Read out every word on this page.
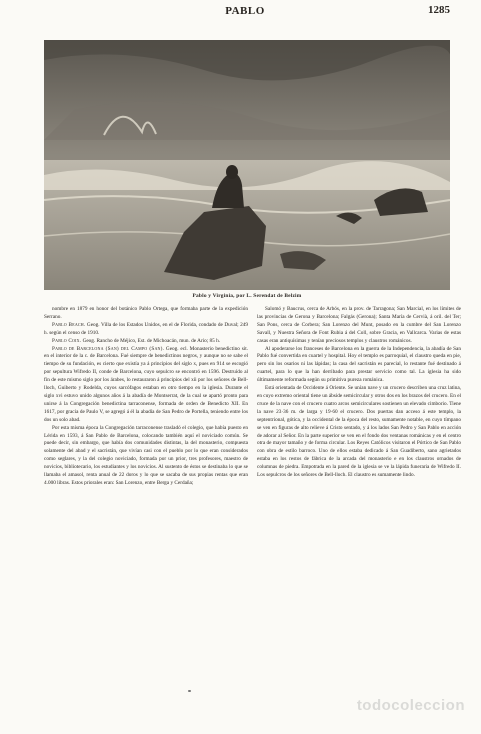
PABLO	1285
Pablo y Virginia, por L. Serendat de Belzim

nombre en 1879 en honor del botánico Pablo Ortega, que formaba parte de la expedición Serrano.

Pablo Beach. Geog. Villa de los Estados Unidos, en el de Florida, condado de Duval; 249 h. según el censo de 1910.

Pablo Coix. Geog. Rancho de Méjico, Est. de Michoacán, mun. de Ario; 85 h.

Pablo de Barcelona (San) del Campo (San). Geog. ecl. Monasterio benedictino sit. en el interior de la c. de Barcelona. Fué siempre de benedictinos negros, y aunque no se sabe el tiempo de su fundación, es cierto que existía ya á principios del siglo x, pues en 914 se escogió por sepultura Wifredo II, conde de Barcelona, cuyo sepulcro se encontró en 1596. Destruído al fin de este mismo siglo por los árabes, lo restauraron á principios del xii por los señores de Bell-lloch, Guiberto y Rodelda, cuyos sarcófagos estaban en otro tiempo en la iglesia. Durante el siglo xvi estuvo unido algunos años á la abadía de Montserrat, de la cual se apartó pronto para unirse á la Congregación benedictina tarraconense, formada de orden de Benedicto XII. En 1617, por gracia de Paulo V, se agregó á él la abadía de San Pedro de Portella, teniendo entre los dos un solo abad.

Por esta misma época la Congregación tarraconense trasladó el colegio, que había puesto en Lérida en 1593, á San Pablo de Barcelona, colocando también aquí el noviciado común. Se puede decir, sin embargo, que había dos comunidades distintas, la del monasterio, compuesta solamente del abad y el sacristán, que vivían casi con el pueblo por lo que eran considerados como seglares, y la del colegio noviciado, formada por un prior, tres profesores, maestro de novicios, bibliotecario, los estudiantes y los novicios. Al sustento de éstos se destinaba lo que se llamaba el amasol, renta anual de 22 doros y lo que se sacaba de sus propias rentas que eran 4.000 libras. Estos priorales eran: San Lorenzo, entre Berga y Cerdaña;

Salomó y Baucrus, cerca de Arbós, en la prov. de Tarragona; San Marcial, en los límites de las provincias de Gerona y Barcelona; Falgás (Gerona); Santa María de Cervià, á oril. del Ter; San Pons, cerca de Corbera; San Lorenzo del Munt, posado en la cumbre del San Lorenzo Savall, y Nuestra Señora de Font Rubia á del Coll, sobre Gracia, en Vallcarca. Varias de estas casas eran antiquísimas y tenían preciosos templos y claustros románicos.

Al apoderarse los franceses de Barcelona en la guerra de la Independencia, la abadía de San Pablo fué convertida en cuartel y hospital. Hoy el templo es parroquial, el claustro queda en pie, pero sin los osarios ni las lápidas; la casa del sacristán es parecial, lo restante fué destinado á cuartel, para lo que la han derribado para prestar servicio como tal. La iglesia ha sido últimamente reformada según su primitiva pureza románica.

Está orientada de Occidente á Oriente. Se unían nave y un crucero describen una cruz latina, en cuyo extremo oriental tiene un ábside semicircular y otros dos en los brazos del crucero. En el cruce de la nave con el crucero cuatro arcos semicirculares sostienen un elevado cimborio. Tiene la nave 23·36 m. de larga y 19·60 el crucero. Dos puertas dan acceso á este templo, la septentrional, gótica, y la occidental de la época del resto, sumamente notable, en cuyo tímpano se ven en figuras de alto relieve á Cristo sentado, y á los lados San Pedro y San Pablo en acción de adorar al Señor. En la parte superior se ven en el fondo dos ventanas románicas y en el centro otra de mayor tamaño y de forma circular. Los Reyes Católicos visitaron el Pórtico de San Pablo con obra de estilo barroco. Uno de ellos estaba dedicado á San Guadiberto, sano agrietados estaba en los restos de fábrica de la arcada del monasterio e en los claustros ornados de columnas de piedra. Empotrada en la pared de la iglesia se ve la lápida funeraria de Wifredo II. Los sepulcros de los señores de Bell-lloch. El claustro es sumamente lindo.

todocoleccion
